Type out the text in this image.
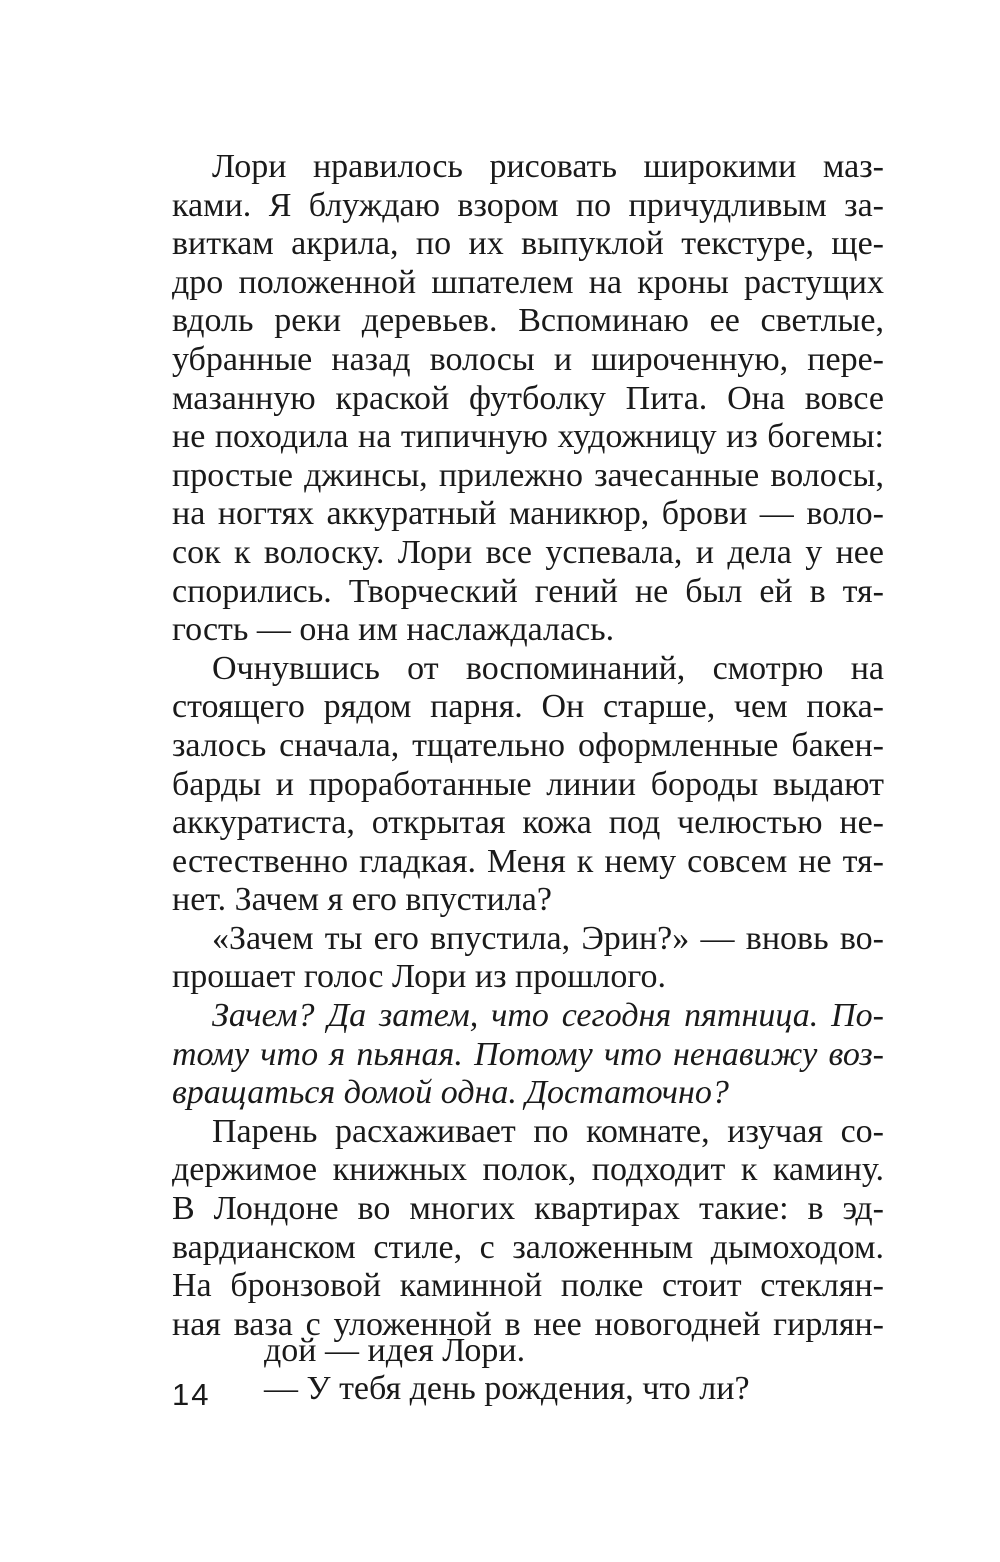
Лори нравилось рисовать широкими маз-
ками. Я блуждаю взором по причудливым за-
виткам акрила, по их выпуклой текстуре, ще-
дро положенной шпателем на кроны растущих
вдоль реки деревьев. Вспоминаю ее светлые,
убранные назад волосы и широченную, пере-
мазанную краской футболку Пита. Она вовсе
не походила на типичную художницу из богемы:
простые джинсы, прилежно зачесанные волосы,
на ногтях аккуратный маникюр, брови — воло-
сок к волоску. Лори все успевала, и дела у нее
спорились. Творческий гений не был ей в тя-
гость — она им наслаждалась.
Очнувшись от воспоминаний, смотрю на
стоящего рядом парня. Он старше, чем пока-
залось сначала, тщательно оформленные бакен-
барды и проработанные линии бороды выдают
аккуратиста, открытая кожа под челюстью не-
естественно гладкая. Меня к нему совсем не тя-
нет. Зачем я его впустила?
«Зачем ты его впустила, Эрин?» — вновь во-
прошает голос Лори из прошлого.
Зачем? Да затем, что сегодня пятница. По-
тому что я пьяная. Потому что ненавижу воз-
вращаться домой одна. Достаточно?
Парень расхаживает по комнате, изучая со-
держимое книжных полок, подходит к камину.
В Лондоне во многих квартирах такие: в эд-
вардианском стиле, с заложенным дымоходом.
На бронзовой каминной полке стоит стеклян-
ная ваза с уложенной в нее новогодней гирлян-
дой — идея Лори.
14 — У тебя день рождения, что ли?
